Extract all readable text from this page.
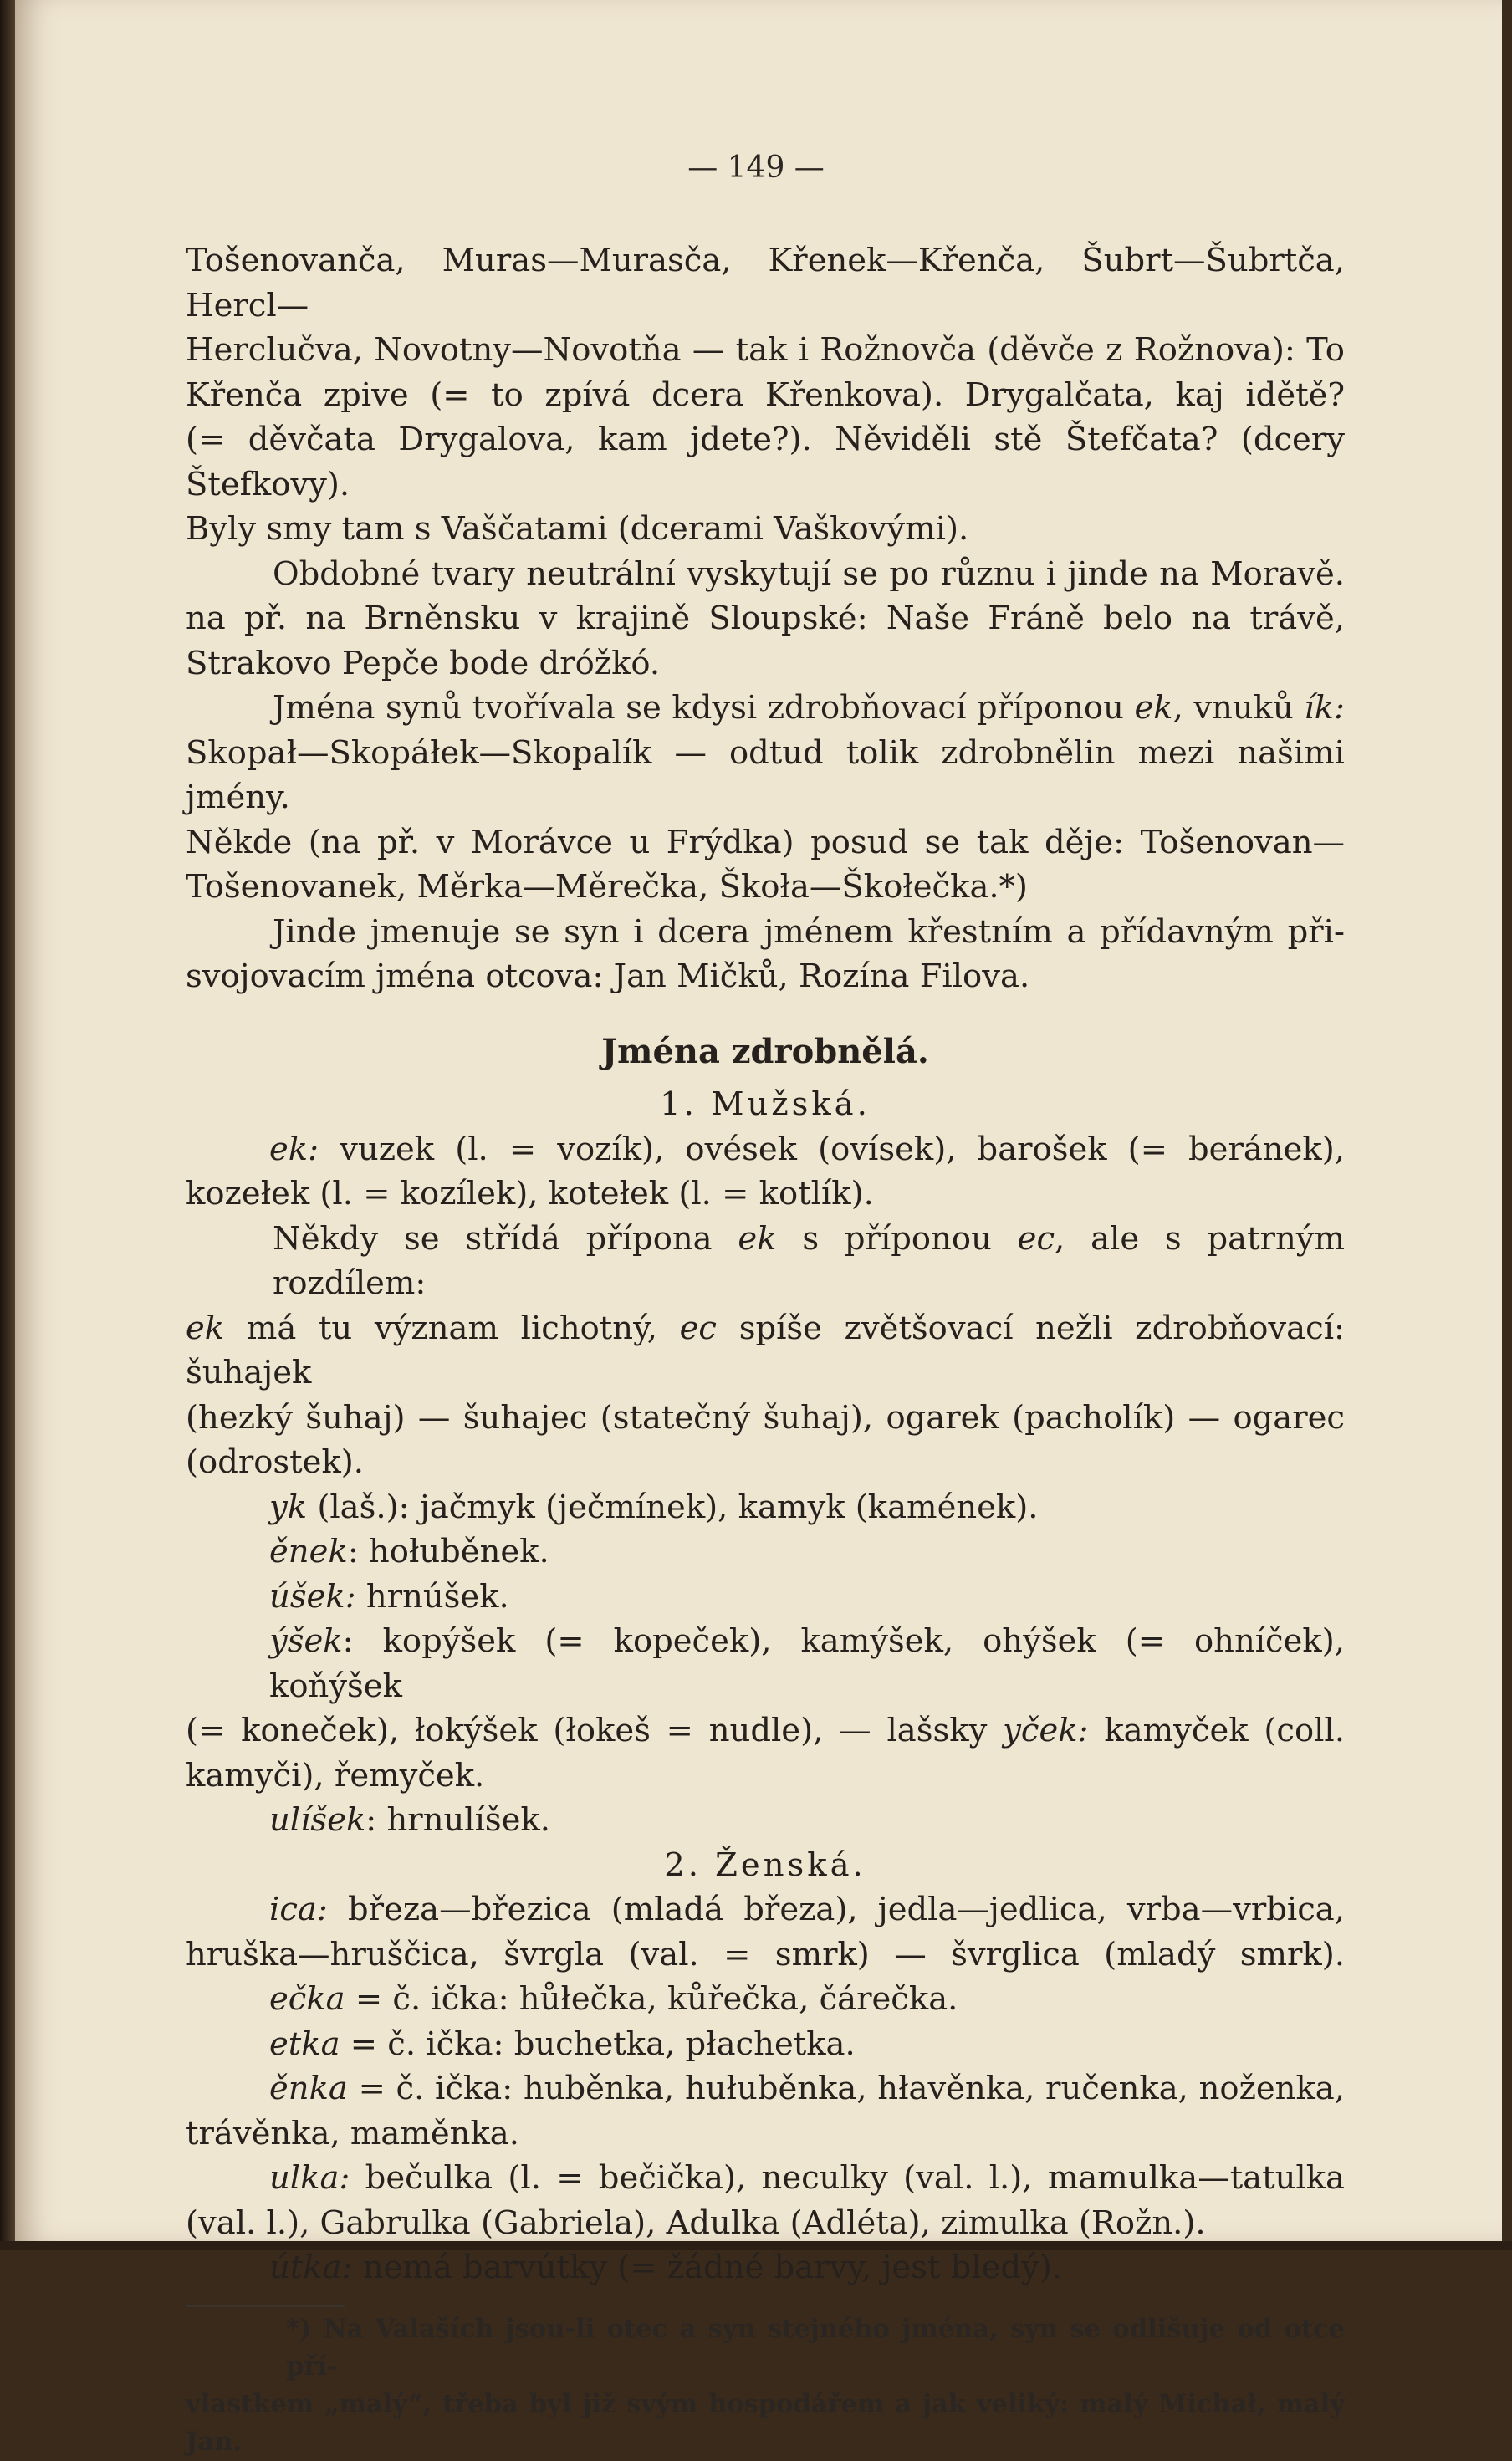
— 149 —
Tošenovanča, Muras—Murasča, Křenek—Křenča, Šubrt—Šubrtča, Hercl—
Herclučva, Novotny—Novotňa — tak i Rožnovča (děvče z Rožnova): To
Křenča zpive (= to zpívá dcera Křenkova). Drygalčata, kaj idětě?
(= děvčata Drygalova, kam jdete?). Něviděli stě Štefčata? (dcery Štefkovy).
Byly smy tam s Vaščatami (dcerami Vaškovými).
Obdobné tvary neutrální vyskytují se po různu i jinde na Moravě.
na př. na Brněnsku v krajině Sloupské: Naše Fráně belo na trávě,
Strakovo Pepče bode dróžkó.
Jména synů tvořívala se kdysi zdrobňovací příponou ek, vnuků ík:
Skopał—Skopáłek—Skopalík — odtud tolik zdrobnělin mezi našimi jmény.
Někde (na př. v Morávce u Frýdka) posud se tak děje: Tošenovan—
Tošenovanek, Měrka—Měrečka, Škoła—Škołečka.*)
Jinde jmenuje se syn i dcera jménem křestním a přídavným při-
svojovacím jména otcova: Jan Mičků, Rozína Filova.
Jména zdrobnělá.
1. Mužská.
ek: vuzek (l. = vozík), ovések (ovísek), barošek (= beránek),
kozełek (l. = kozílek), kotełek (l. = kotlík).
Někdy se střídá přípona ek s příponou ec, ale s patrným rozdílem:
ek má tu význam lichotný, ec spíše zvětšovací nežli zdrobňovací: šuhajek
(hezký šuhaj) — šuhajec (statečný šuhaj), ogarek (pacholík) — ogarec
(odrostek).
yk (laš.): jačmyk (ječmínek), kamyk (kamének).
ěnek: hołuběnek.
úšek: hrnúšek.
ýšek: kopýšek (= kopeček), kamýšek, ohýšek (= ohníček), koňýšek
(= koneček), łokýšek (łokeš = nudle), — lašsky yček: kamyček (coll.
kamyči), řemyček.
ulíšek: hrnulíšek.
2. Ženská.
ica: březa—březica (mladá březa), jedla—jedlica, vrba—vrbica,
hruška—hruščica, švrgla (val. = smrk) — švrglica (mladý smrk).
ečka = č. ička: hůłečka, kůřečka, čárečka.
etka = č. ička: buchetka, płachetka.
ěnka = č. ička: huběnka, hułuběnka, hłavěnka, ručenka, noženka,
trávěnka, maměnka.
ulka: bečulka (l. = bečička), neculky (val. l.), mamulka—tatulka
(val. l.), Gabrulka (Gabriela), Adulka (Adléta), zimulka (Rožn.).
útka: nemá barvútky (= žádné barvy, jest bledý).
*) Na Valaších jsou-li otec a syn stejného jména, syn se odlišuje od otce pří-
vlastkem „malý“, třeba byl již svým hospodářem a jak veliký: malý Michał, malý Jan.
